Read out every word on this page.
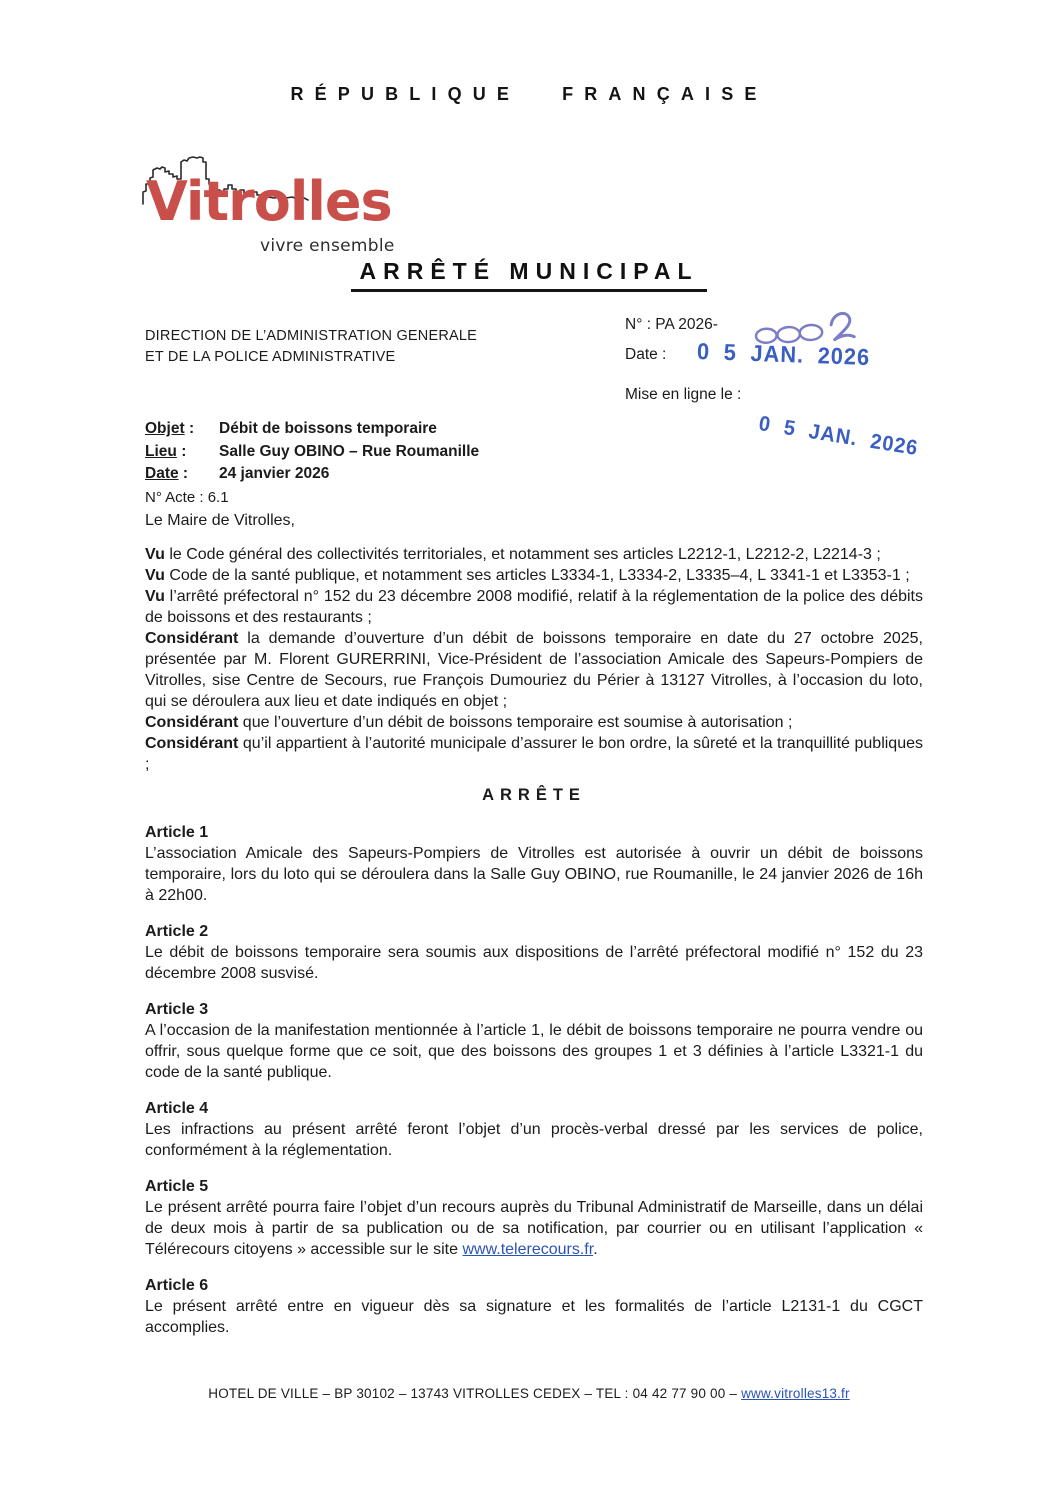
RÉPUBLIQUE FRANÇAISE
Vitrolles
vivre ensemble
ARRÊTÉ MUNICIPAL
DIRECTION DE L’ADMINISTRATION GENERALE
ET DE LA POLICE ADMINISTRATIVE
N° : PA 2026-
Date : 0 5 JAN. 2026
Mise en ligne le :
0 5 JAN. 2026
Objet :	Débit de boissons temporaire
Lieu :	Salle Guy OBINO – Rue Roumanille
Date :	24 janvier 2026
N° Acte : 6.1

Le Maire de Vitrolles,

Vu le Code général des collectivités territoriales, et notamment ses articles L2212-1, L2212-2, L2214-3 ;

Vu Code de la santé publique, et notamment ses articles L3334-1, L3334-2, L3335–4, L 3341-1 et L3353-1 ;

Vu l’arrêté préfectoral n° 152 du 23 décembre 2008 modifié, relatif à la réglementation de la police des débits de boissons et des restaurants ;

Considérant la demande d’ouverture d’un débit de boissons temporaire en date du 27 octobre 2025, présentée par M. Florent GURERRINI, Vice-Président de l’association Amicale des Sapeurs-Pompiers de Vitrolles, sise Centre de Secours, rue François Dumouriez du Périer à 13127 Vitrolles, à l’occasion du loto, qui se déroulera aux lieu et date indiqués en objet ;

Considérant que l’ouverture d’un débit de boissons temporaire est soumise à autorisation ;

Considérant qu’il appartient à l’autorité municipale d’assurer le bon ordre, la sûreté et la tranquillité publiques ;

ARRÊTE
Article 1
L’association Amicale des Sapeurs-Pompiers de Vitrolles est autorisée à ouvrir un débit de boissons temporaire, lors du loto qui se déroulera dans la Salle Guy OBINO, rue Roumanille, le 24 janvier 2026 de 16h à 22h00.
Article 2
Le débit de boissons temporaire sera soumis aux dispositions de l’arrêté préfectoral modifié n° 152 du 23 décembre 2008 susvisé.
Article 3
A l’occasion de la manifestation mentionnée à l’article 1, le débit de boissons temporaire ne pourra vendre ou offrir, sous quelque forme que ce soit, que des boissons des groupes 1 et 3 définies à l’article L3321-1 du code de la santé publique.
Article 4
Les infractions au présent arrêté feront l’objet d’un procès-verbal dressé par les services de police, conformément à la réglementation.
Article 5
Le présent arrêté pourra faire l’objet d’un recours auprès du Tribunal Administratif de Marseille, dans un délai de deux mois à partir de sa publication ou de sa notification, par courrier ou en utilisant l’application « Télérecours citoyens » accessible sur le site www.telerecours.fr.
Article 6
Le présent arrêté entre en vigueur dès sa signature et les formalités de l’article L2131-1 du CGCT accomplies.
HOTEL DE VILLE – BP 30102 – 13743 VITROLLES CEDEX – TEL : 04 42 77 90 00 – www.vitrolles13.fr
